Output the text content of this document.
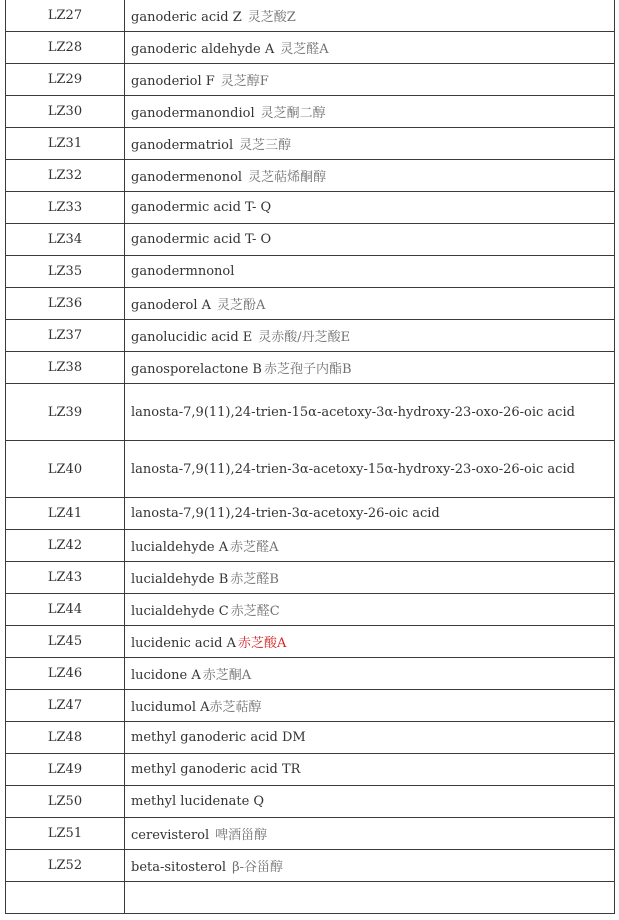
LZ27	ganoderic acid Z 灵芝酸Z
LZ28	ganoderic aldehyde A 灵芝醛A
LZ29	ganoderiol F 灵芝醇F
LZ30	ganodermanondiol 灵芝酮二醇
LZ31	ganodermatriol 灵芝三醇
LZ32	ganodermenonol 灵芝萜烯酮醇
LZ33	ganodermic acid T- Q
LZ34	ganodermic acid T- O
LZ35	ganodermnonol
LZ36	ganoderol A 灵芝酚A
LZ37	ganolucidic acid E 灵赤酸/丹芝酸E
LZ38	ganosporelactone B 赤芝孢子内酯B
LZ39	lanosta-7,9(11),24-trien-15α-acetoxy-3α-hydroxy-23-oxo-26-oic acid
LZ40	lanosta-7,9(11),24-trien-3α-acetoxy-15α-hydroxy-23-oxo-26-oic acid
LZ41	lanosta-7,9(11),24-trien-3α-acetoxy-26-oic acid
LZ42	lucialdehyde A 赤芝醛A
LZ43	lucialdehyde B 赤芝醛B
LZ44	lucialdehyde C 赤芝醛C
LZ45	lucidenic acid A 赤芝酸A
LZ46	lucidone A 赤芝酮A
LZ47	lucidumol A赤芝萜醇
LZ48	methyl ganoderic acid DM
LZ49	methyl ganoderic acid TR
LZ50	methyl lucidenate Q
LZ51	cerevisterol 啤酒甾醇
LZ52	beta-sitosterol β-谷甾醇
